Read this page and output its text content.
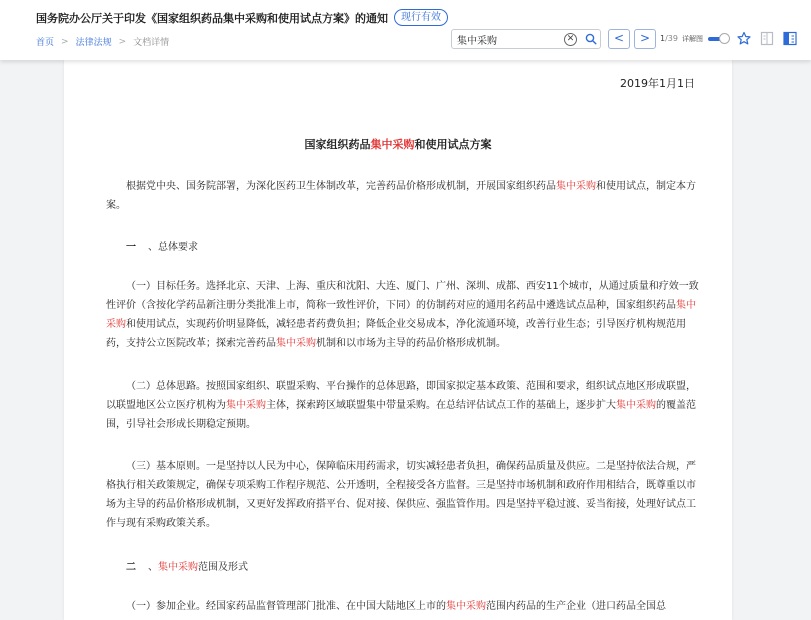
国务院办公厅关于印发《国家组织药品集中采购和使用试点方案》的通知	现行有效
首页 > 法律法规 > 文档详情
集中采购	✕	<	>	1/39 详解图
2019年1月1日
国家组织药品集中采购和使用试点方案

根据党中央、国务院部署，为深化医药卫生体制改革，完善药品价格形成机制，开展国家组织药品集中采购和使用试点，制定本方案。

一 、总体要求

（一）目标任务。选择北京、天津、上海、重庆和沈阳、大连、厦门、广州、深圳、成都、西安11个城市，从通过质量和疗效一致性评价（含按化学药品新注册分类批准上市，简称一致性评价，下同）的仿制药对应的通用名药品中遴选试点品种，国家组织药品集中采购和使用试点，实现药价明显降低，减轻患者药费负担；降低企业交易成本，净化流通环境，改善行业生态；引导医疗机构规范用药，支持公立医院改革；探索完善药品集中采购机制和以市场为主导的药品价格形成机制。

（二）总体思路。按照国家组织、联盟采购、平台操作的总体思路，即国家拟定基本政策、范围和要求，组织试点地区形成联盟，以联盟地区公立医疗机构为集中采购主体，探索跨区域联盟集中带量采购。在总结评估试点工作的基础上，逐步扩大集中采购的覆盖范围，引导社会形成长期稳定预期。

（三）基本原则。一是坚持以人民为中心，保障临床用药需求，切实减轻患者负担，确保药品质量及供应。二是坚持依法合规，严格执行相关政策规定，确保专项采购工作程序规范、公开透明，全程接受各方监督。三是坚持市场机制和政府作用相结合，既尊重以市场为主导的药品价格形成机制，又更好发挥政府搭平台、促对接、保供应、强监管作用。四是坚持平稳过渡、妥当衔接，处理好试点工作与现有采购政策关系。

二 、集中采购范围及形式

（一）参加企业。经国家药品监督管理部门批准、在中国大陆地区上市的集中采购范围内药品的生产企业（进口药品全国总
